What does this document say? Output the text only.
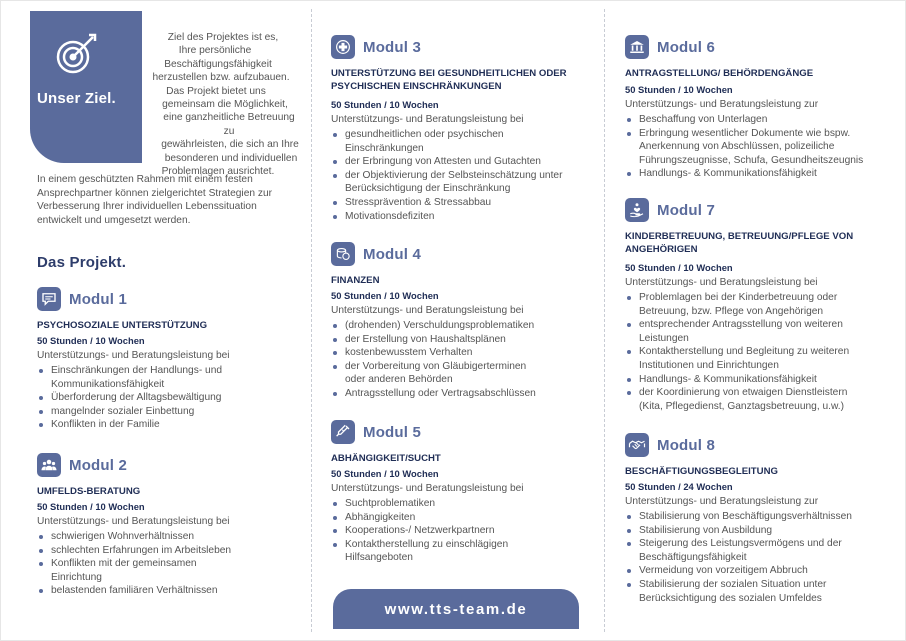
Unser Ziel.
Ziel des Projektes ist es,
Ihre persönliche
Beschäftigungsfähigkeit
herzustellen bzw. aufzubauen.
Das Projekt bietet uns
gemeinsam die Möglichkeit,
eine ganzheitliche Betreuung zu
gewährleisten, die sich an Ihre
besonderen und individuellen
Problemlagen ausrichtet.
In einem geschützten Rahmen mit einem festen
Ansprechpartner können zielgerichtet Strategien zur
Verbesserung Ihrer individuellen Lebenssituation
entwickelt und umgesetzt werden.
Das Projekt.
Modul 1
PSYCHOSOZIALE UNTERSTÜTZUNG
50 Stunden / 10 Wochen
Unterstützungs- und Beratungsleistung bei
Einschränkungen der Handlungs- und
Kommunikationsfähigkeit
Überforderung der Alltagsbewältigung
mangelnder sozialer Einbettung
Konflikten in der Familie
Modul 2
UMFELDS-BERATUNG
50 Stunden / 10 Wochen
Unterstützungs- und Beratungsleistung bei
schwierigen Wohnverhältnissen
schlechten Erfahrungen im Arbeitsleben
Konflikten mit der gemeinsamen
Einrichtung
belastenden familiären Verhältnissen
Modul 3
UNTERSTÜTZUNG BEI GESUNDHEITLICHEN ODER
PSYCHISCHEN EINSCHRÄNKUNGEN
50 Stunden / 10 Wochen
Unterstützungs- und Beratungsleistung bei
gesundheitlichen oder psychischen
Einschränkungen
der Erbringung von Attesten und Gutachten
der Objektivierung der Selbsteinschätzung unter
Berücksichtigung der Einschränkung
Stressprävention & Stressabbau
Motivationsdefiziten
Modul 4
FINANZEN
50 Stunden / 10 Wochen
Unterstützungs- und Beratungsleistung bei
(drohenden) Verschuldungsproblematiken
der Erstellung von Haushaltsplänen
kostenbewusstem Verhalten
der Vorbereitung von Gläubigerterminen
oder anderen Behörden
Antragsstellung oder Vertragsabschlüssen
Modul 5
ABHÄNGIGKEIT/SUCHT
50 Stunden / 10 Wochen
Unterstützungs- und Beratungsleistung bei
Suchtproblematiken
Abhängigkeiten
Kooperations-/ Netzwerkpartnern
Kontaktherstellung zu einschlägigen
Hilfsangeboten
Modul 6
ANTRAGSTELLUNG/ BEHÖRDENGÄNGE
50 Stunden / 10 Wochen
Unterstützungs- und Beratungsleistung zur
Beschaffung von Unterlagen
Erbringung wesentlicher Dokumente wie bspw.
Anerkennung von Abschlüssen, polizeiliche
Führungszeugnisse, Schufa, Gesundheitszeugnis
Handlungs- & Kommunikationsfähigkeit
Modul 7
KINDERBETREUUNG, BETREUUNG/PFLEGE VON
ANGEHÖRIGEN
50 Stunden / 10 Wochen
Unterstützungs- und Beratungsleistung bei
Problemlagen bei der Kinderbetreuung oder
Betreuung, bzw. Pflege von Angehörigen
entsprechender Antragsstellung von weiteren
Leistungen
Kontaktherstellung und Begleitung zu weiteren
Institutionen und Einrichtungen
Handlungs- & Kommunikationsfähigkeit
der Koordinierung von etwaigen Dienstleistern
(Kita, Pflegedienst, Ganztagsbetreuung, u.w.)
Modul 8
BESCHÄFTIGUNGSBEGLEITUNG
50 Stunden / 24 Wochen
Unterstützungs- und Beratungsleistung zur
Stabilisierung von Beschäftigungsverhältnissen
Stabilisierung von Ausbildung
Steigerung des Leistungsvermögens und der
Beschäftigungsfähigkeit
Vermeidung von vorzeitigem Abbruch
Stabilisierung der sozialen Situation unter
Berücksichtigung des sozialen Umfeldes
www.tts-team.de
